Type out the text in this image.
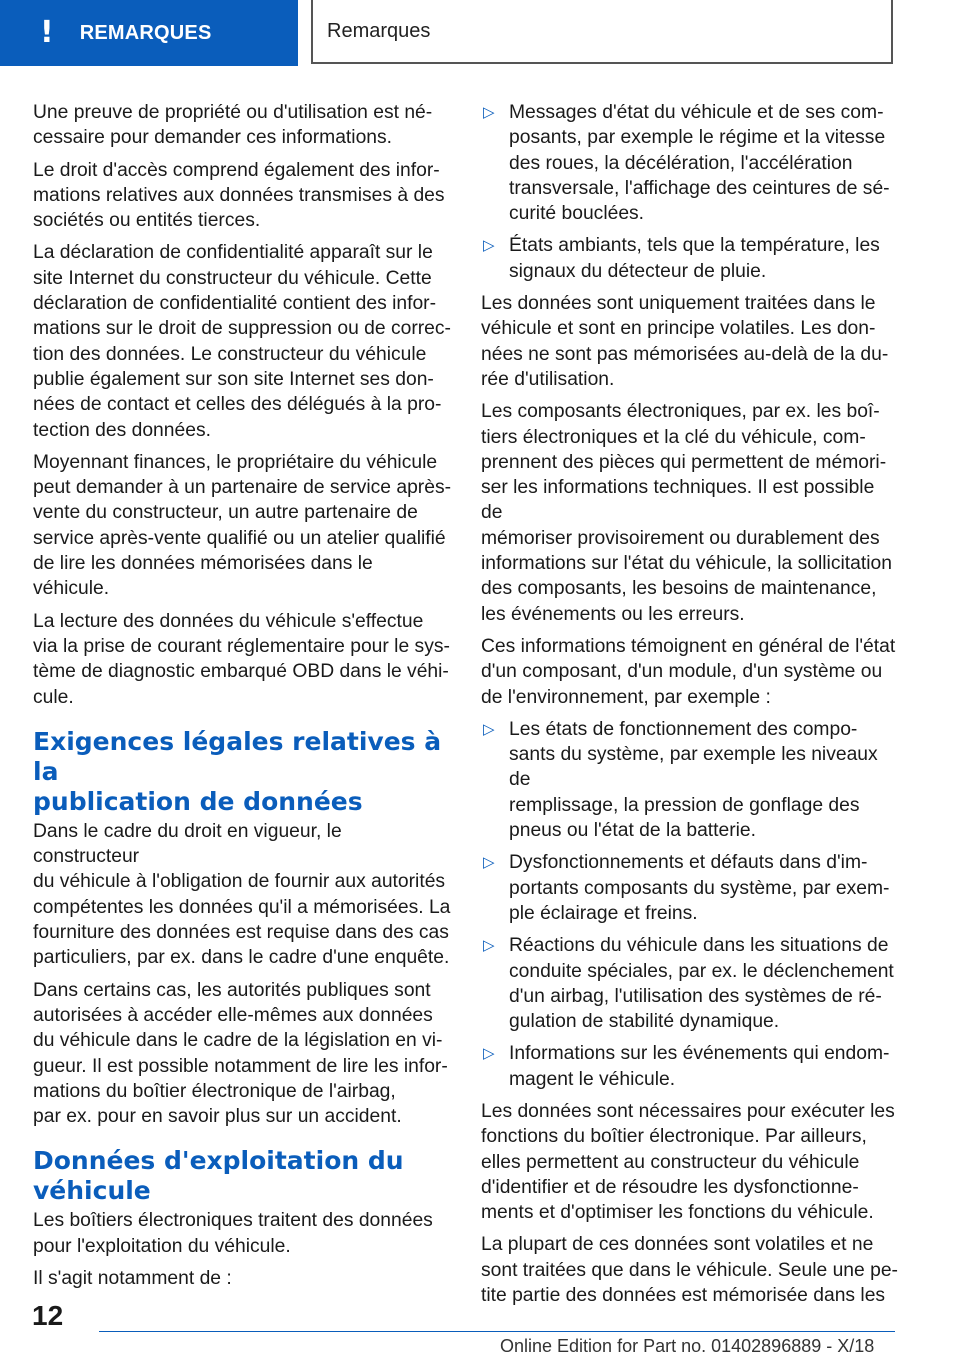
! REMARQUES	Remarques

Une preuve de propriété ou d'utilisation est né-
cessaire pour demander ces informations.

Le droit d'accès comprend également des infor-
mations relatives aux données transmises à des
sociétés ou entités tierces.

La déclaration de confidentialité apparaît sur le
site Internet du constructeur du véhicule. Cette
déclaration de confidentialité contient des infor-
mations sur le droit de suppression ou de correc-
tion des données. Le constructeur du véhicule
publie également sur son site Internet ses don-
nées de contact et celles des délégués à la pro-
tection des données.

Moyennant finances, le propriétaire du véhicule
peut demander à un partenaire de service après-
vente du constructeur, un autre partenaire de
service après-vente qualifié ou un atelier qualifié
de lire les données mémorisées dans le véhicule.

La lecture des données du véhicule s'effectue
via la prise de courant réglementaire pour le sys-
tème de diagnostic embarqué OBD dans le véhi-
cule.

Exigences légales relatives à la
publication de données

Dans le cadre du droit en vigueur, le constructeur
du véhicule à l'obligation de fournir aux autorités
compétentes les données qu'il a mémorisées. La
fourniture des données est requise dans des cas
particuliers, par ex. dans le cadre d'une enquête.

Dans certains cas, les autorités publiques sont
autorisées à accéder elle-mêmes aux données
du véhicule dans le cadre de la législation en vi-
gueur. Il est possible notamment de lire les infor-
mations du boîtier électronique de l'airbag,
par ex. pour en savoir plus sur un accident.

Données d'exploitation du
véhicule

Les boîtiers électroniques traitent des données
pour l'exploitation du véhicule.

Il s'agit notamment de :

▷ Messages d'état du véhicule et de ses com-
posants, par exemple le régime et la vitesse
des roues, la décélération, l'accélération
transversale, l'affichage des ceintures de sé-
curité bouclées.
▷ États ambiants, tels que la température, les
signaux du détecteur de pluie.

Les données sont uniquement traitées dans le
véhicule et sont en principe volatiles. Les don-
nées ne sont pas mémorisées au-delà de la du-
rée d'utilisation.

Les composants électroniques, par ex. les boî-
tiers électroniques et la clé du véhicule, com-
prennent des pièces qui permettent de mémori-
ser les informations techniques. Il est possible de
mémoriser provisoirement ou durablement des
informations sur l'état du véhicule, la sollicitation
des composants, les besoins de maintenance,
les événements ou les erreurs.

Ces informations témoignent en général de l'état
d'un composant, d'un module, d'un système ou
de l'environnement, par exemple :

▷ Les états de fonctionnement des compo-
sants du système, par exemple les niveaux de
remplissage, la pression de gonflage des
pneus ou l'état de la batterie.
▷ Dysfonctionnements et défauts dans d'im-
portants composants du système, par exem-
ple éclairage et freins.
▷ Réactions du véhicule dans les situations de
conduite spéciales, par ex. le déclenchement
d'un airbag, l'utilisation des systèmes de ré-
gulation de stabilité dynamique.
▷ Informations sur les événements qui endom-
magent le véhicule.

Les données sont nécessaires pour exécuter les
fonctions du boîtier électronique. Par ailleurs,
elles permettent au constructeur du véhicule
d'identifier et de résoudre les dysfonctionne-
ments et d'optimiser les fonctions du véhicule.

La plupart de ces données sont volatiles et ne
sont traitées que dans le véhicule. Seule une pe-
tite partie des données est mémorisée dans les

12
Online Edition for Part no. 01402896889 - X/18
